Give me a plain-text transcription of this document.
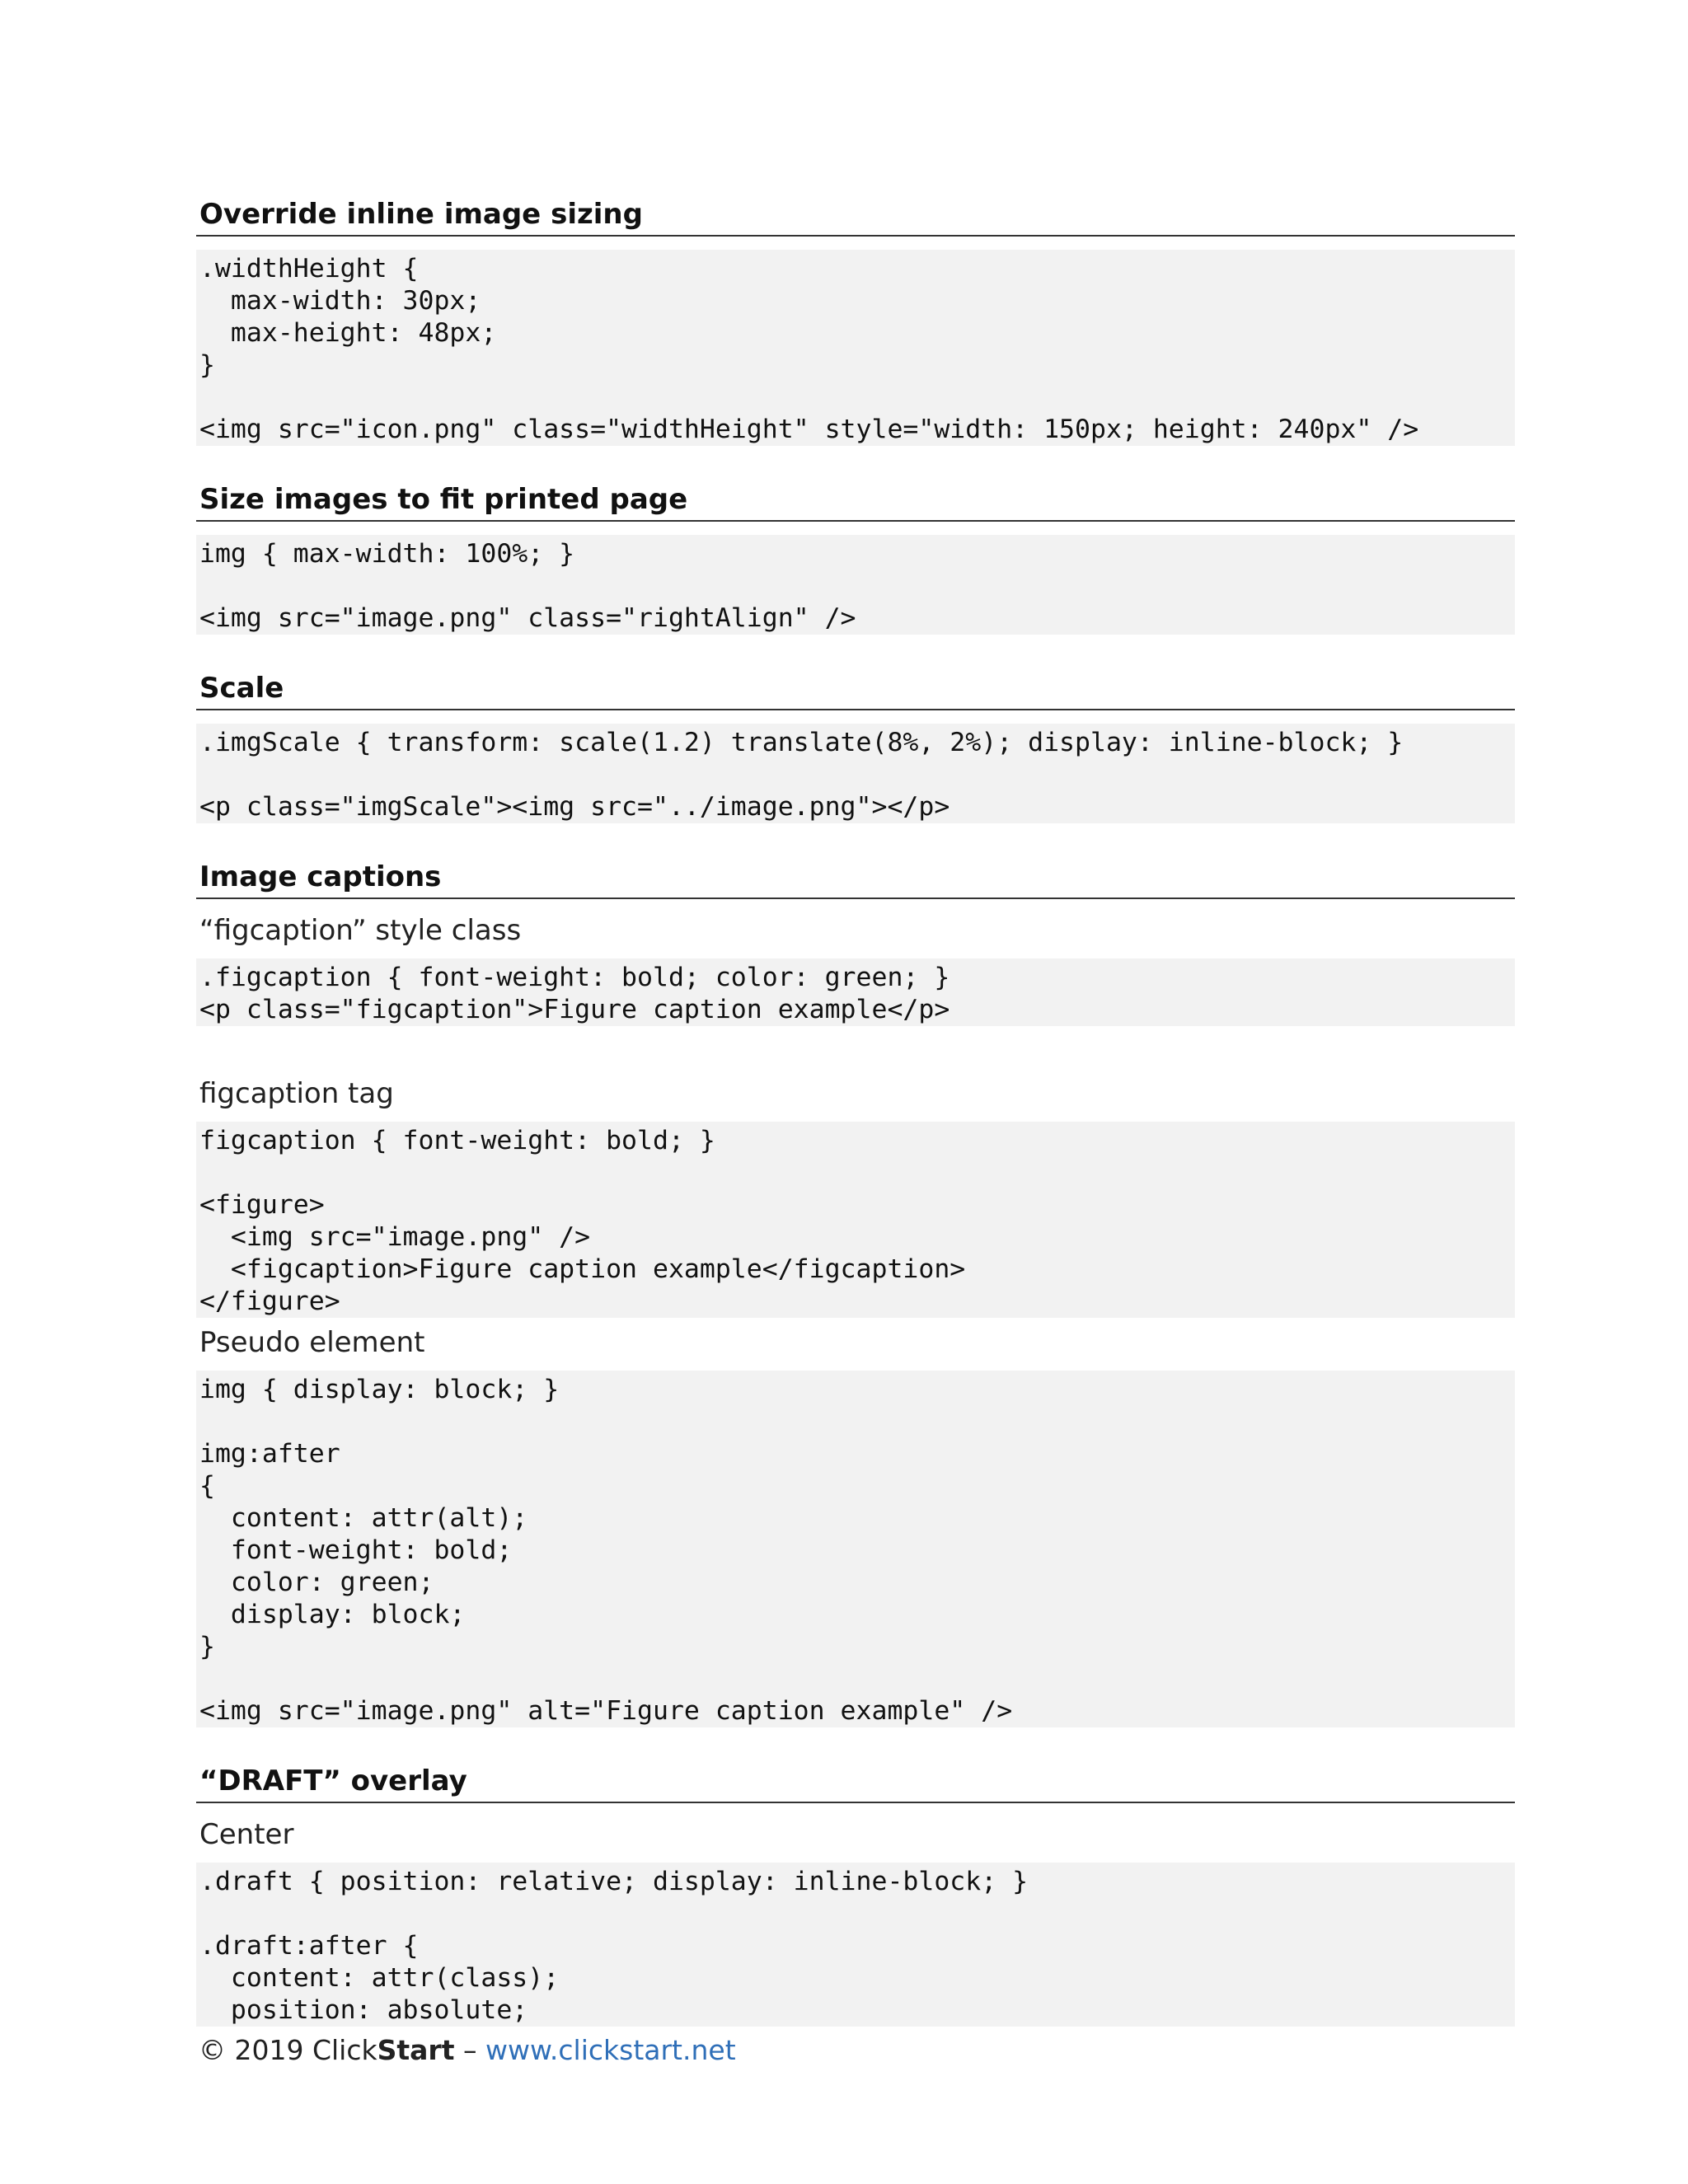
Override inline image sizing
.widthHeight {
max-width: 30px;
max-height: 48px;
}

<img src="icon.png" class="widthHeight" style="width: 150px; height: 240px" />
Size images to fit printed page
img { max-width: 100%; }

<img src="image.png" class="rightAlign" />
Scale
.imgScale { transform: scale(1.2) translate(8%, 2%); display: inline-block; }

<p class="imgScale"><img src="../image.png"></p>
Image captions
“figcaption” style class
.figcaption { font-weight: bold; color: green; }
<p class="figcaption">Figure caption example</p>
figcaption tag
figcaption { font-weight: bold; }

<figure>
<img src="image.png" />
<figcaption>Figure caption example</figcaption>
</figure>
Pseudo element
img { display: block; }

img:after
{
content: attr(alt);
font-weight: bold;
color: green;
display: block;
}

<img src="image.png" alt="Figure caption example" />
“DRAFT” overlay
Center
.draft { position: relative; display: inline-block; }

.draft:after {
content: attr(class);
position: absolute;
© 2019 ClickStart – www.clickstart.net
